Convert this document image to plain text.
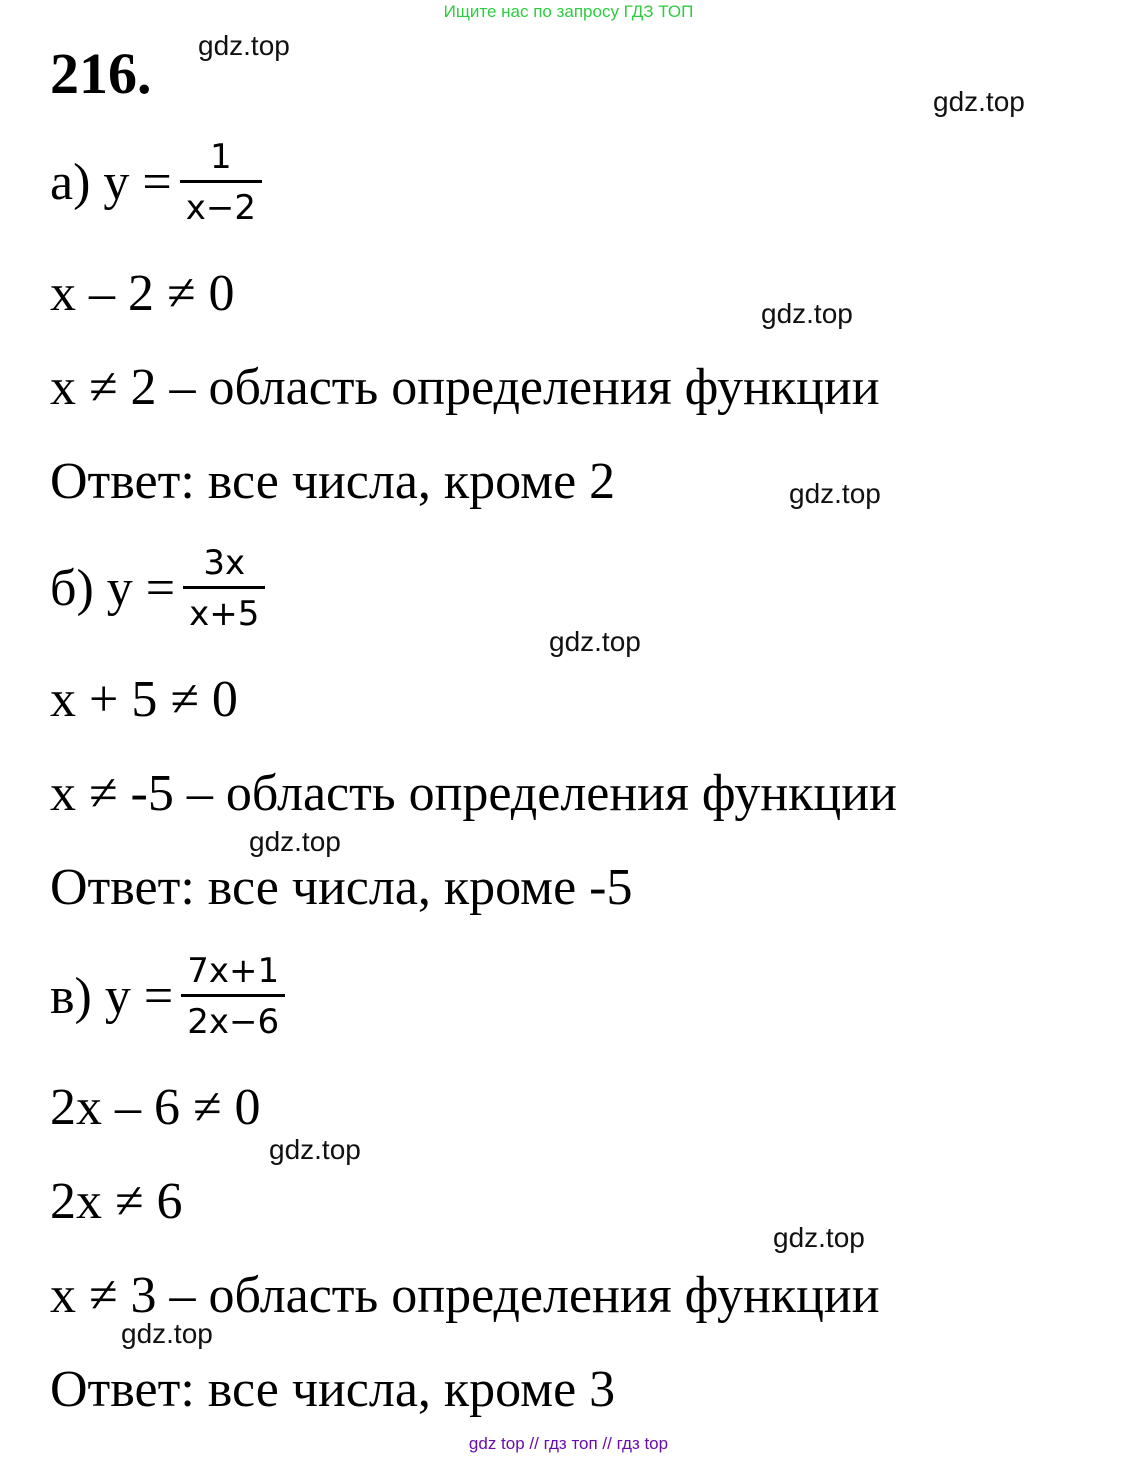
Ищите нас по запросу ГДЗ ТОП
216. gdz.top
gdz.top
gdz.top
gdz.top
gdz.top
gdz.top
gdz.top
gdz.top
gdz.top
а) $y = \frac{1}{x-2}$
x – 2 ≠ 0
x ≠ 2 – область определения функции
Ответ: все числа, кроме 2
б) $y = \frac{3x}{x+5}$
x + 5 ≠ 0
x ≠ -5 – область определения функции
Ответ: все числа, кроме -5
в) $y = \frac{7x+1}{2x-6}$
2x – 6 ≠ 0
2x ≠ 6
x ≠ 3 – область определения функции
Ответ: все числа, кроме 3
gdz top // гдз топ // гдз top
